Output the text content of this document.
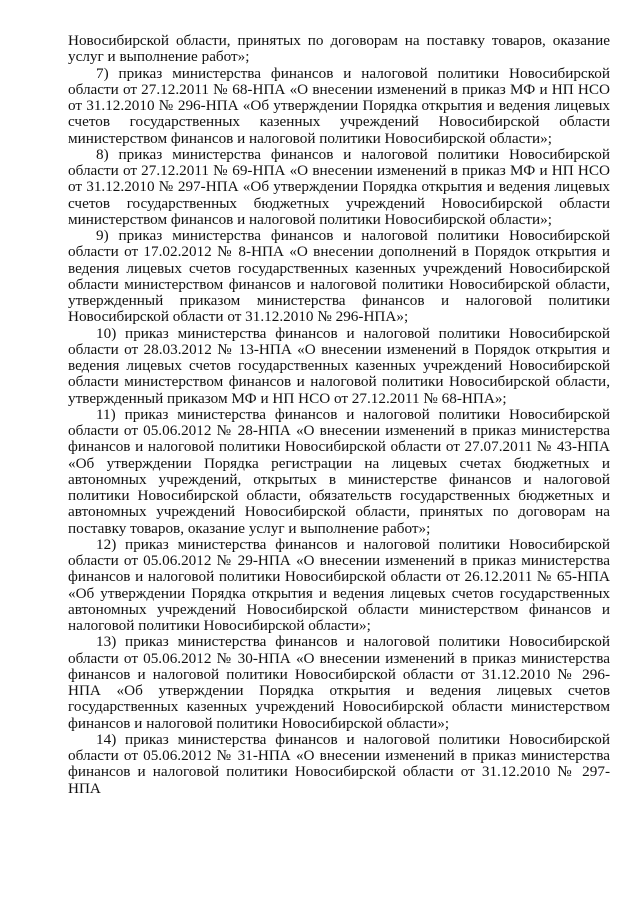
Новосибирской области, принятых по договорам на поставку товаров, оказание услуг и выполнение работ»;

7) приказ министерства финансов и налоговой политики Новосибирской области от 27.12.2011 № 68-НПА «О внесении изменений в приказ МФ и НП НСО от 31.12.2010 № 296-НПА «Об утверждении Порядка открытия и ведения лицевых счетов государственных казенных учреждений Новосибирской области министерством финансов и налоговой политики Новосибирской области»;

8) приказ министерства финансов и налоговой политики Новосибирской области от 27.12.2011 № 69-НПА «О внесении изменений в приказ МФ и НП НСО от 31.12.2010 № 297-НПА «Об утверждении Порядка открытия и ведения лицевых счетов государственных бюджетных учреждений Новосибирской области министерством финансов и налоговой политики Новосибирской области»;

9) приказ министерства финансов и налоговой политики Новосибирской области от 17.02.2012 № 8-НПА «О внесении дополнений в Порядок открытия и ведения лицевых счетов государственных казенных учреждений Новосибирской области министерством финансов и налоговой политики Новосибирской области, утвержденный приказом министерства финансов и налоговой политики Новосибирской области от 31.12.2010 № 296-НПА»;

10) приказ министерства финансов и налоговой политики Новосибирской области от 28.03.2012 № 13-НПА «О внесении изменений в Порядок открытия и ведения лицевых счетов государственных казенных учреждений Новосибирской области министерством финансов и налоговой политики Новосибирской области, утвержденный приказом МФ и НП НСО от 27.12.2011 № 68-НПА»;

11) приказ министерства финансов и налоговой политики Новосибирской области от 05.06.2012 № 28-НПА «О внесении изменений в приказ министерства финансов и налоговой политики Новосибирской области от 27.07.2011 № 43-НПА «Об утверждении Порядка регистрации на лицевых счетах бюджетных и автономных учреждений, открытых в министерстве финансов и налоговой политики Новосибирской области, обязательств государственных бюджетных и автономных учреждений Новосибирской области, принятых по договорам на поставку товаров, оказание услуг и выполнение работ»;

12) приказ министерства финансов и налоговой политики Новосибирской области от 05.06.2012 № 29-НПА «О внесении изменений в приказ министерства финансов и налоговой политики Новосибирской области от 26.12.2011 № 65-НПА «Об утверждении Порядка открытия и ведения лицевых счетов государственных автономных учреждений Новосибирской области министерством финансов и налоговой политики Новосибирской области»;

13) приказ министерства финансов и налоговой политики Новосибирской области от 05.06.2012 № 30-НПА «О внесении изменений в приказ министерства финансов и налоговой политики Новосибирской области от 31.12.2010 № 296-НПА «Об утверждении Порядка открытия и ведения лицевых счетов государственных казенных учреждений Новосибирской области министерством финансов и налоговой политики Новосибирской области»;

14) приказ министерства финансов и налоговой политики Новосибирской области от 05.06.2012 № 31-НПА «О внесении изменений в приказ министерства финансов и налоговой политики Новосибирской области от 31.12.2010 № 297-НПА
